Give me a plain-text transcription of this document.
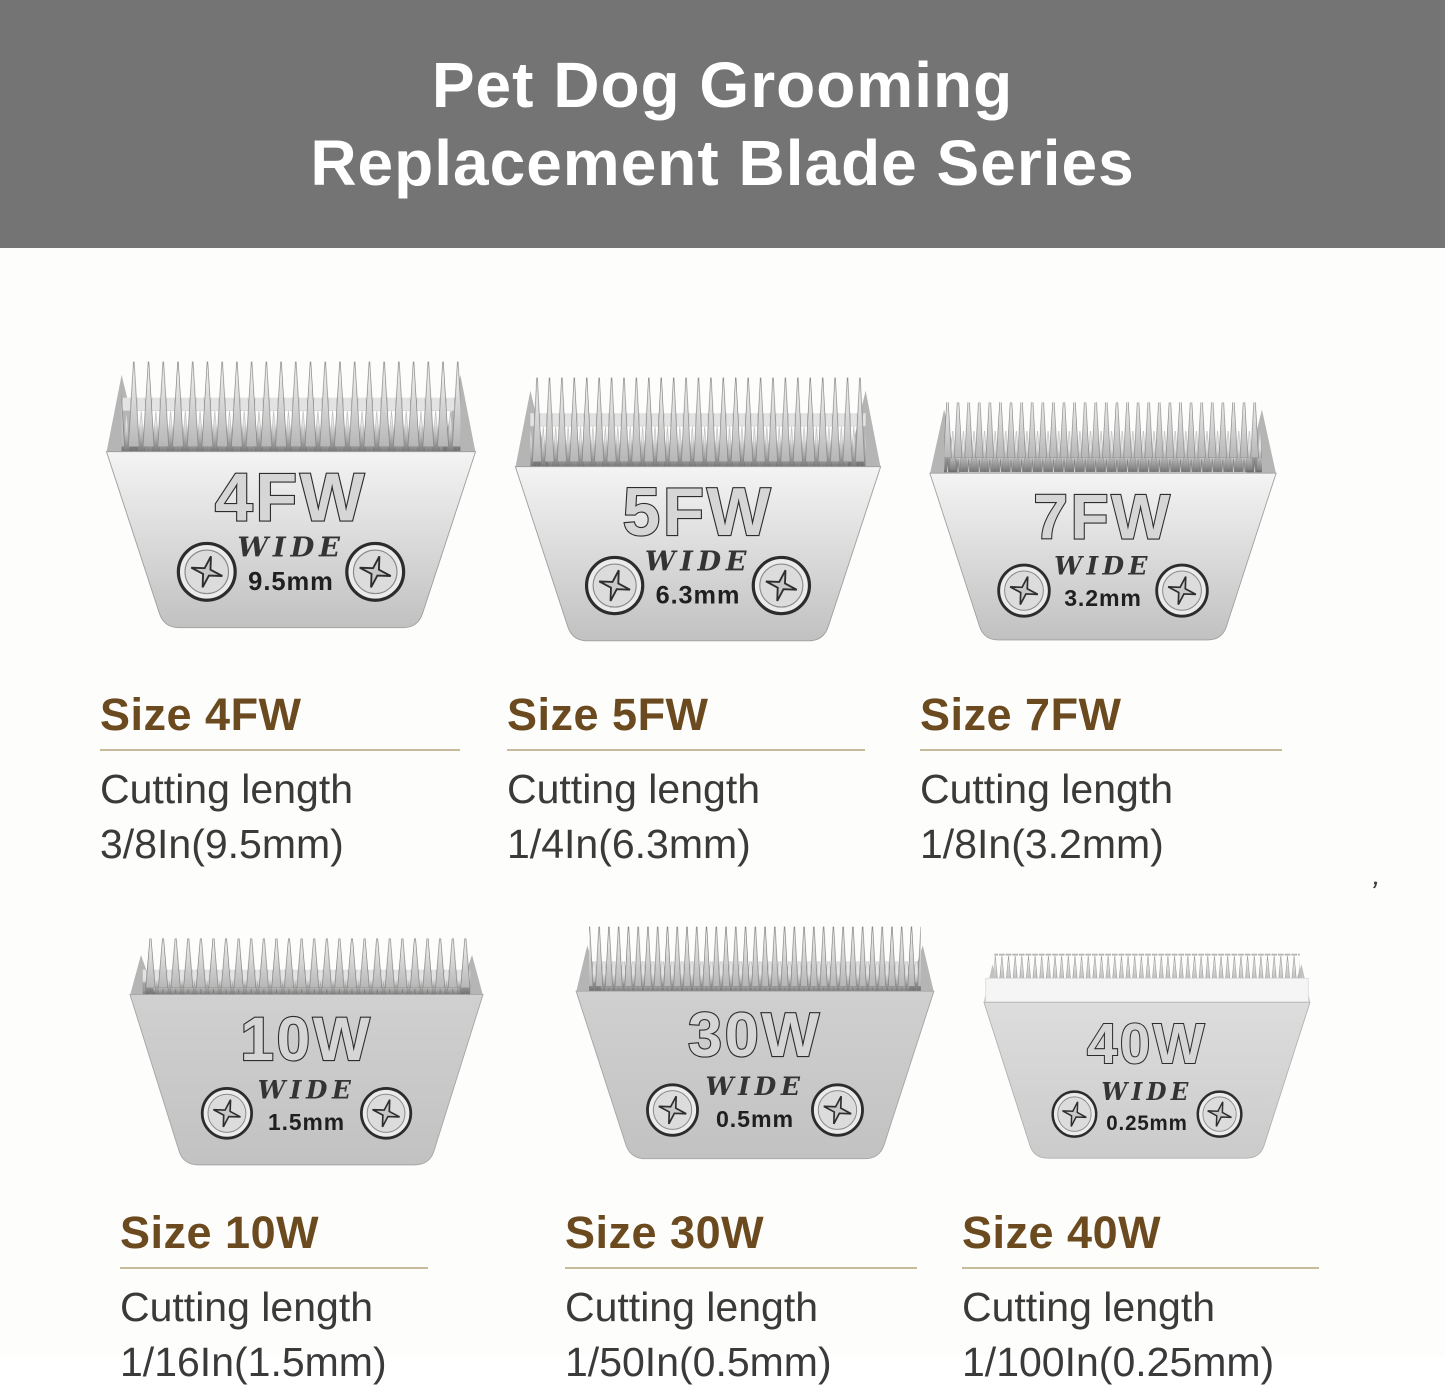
Pet Dog Grooming
Replacement Blade Series
4FW
WIDE
9.5mm
5FW
WIDE
6.3mm
7FW
WIDE
3.2mm
Size 4FW

Cutting length

3/8In(9.5mm)

Size 5FW

Cutting length

1/4In(6.3mm)

Size 7FW

Cutting length

1/8In(3.2mm)

’
10W
WIDE
1.5mm
30W
WIDE
0.5mm
40W
WIDE
0.25mm
Size 10W

Cutting length

1/16In(1.5mm)

Size 30W

Cutting length

1/50In(0.5mm)

Size 40W

Cutting length

1/100In(0.25mm)
